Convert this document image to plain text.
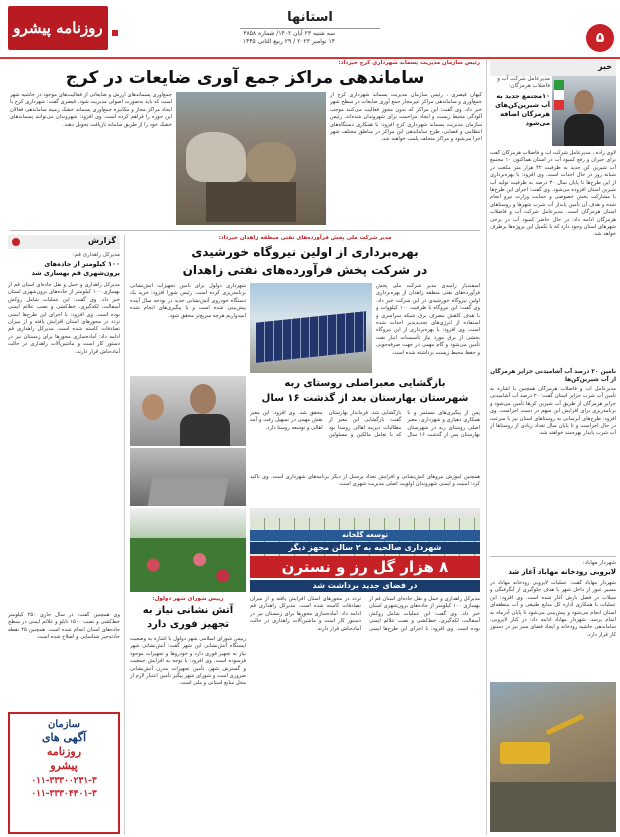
روزنامه پیشرو	سه شنبه ۲۳ آبان ۱۴۰۲/ شماره ۳۸۵۸
۱۴ نوامبر ۲۰۲۳ / ۲۹ ربیع الثانی ۱۴۴۵
استانها
۵
خبر
مدیرعامل شرکت آب و فاضلاب هرمزگان:
۱۰مجتمع جدید به آب شیرین‌کن‌های هرمزگان اضافه می‌شود
لاوی زاده ، مدیرعامل شرکت آب و فاضلاب هرمزگان گفت برای جبران و رفع کمبود آب در استان هماکنون ۱۰ مجتمع آب شیرین کن جدید به ظرفیت ۴۲ هزار متر مکعب در شبانه روز در حال احداث است. وی افزود: با بهره‌برداری از این طرح‌ها تا پایان سال ۳۰ درصد به ظرفیت تولید آب شیرین استان افزوده می‌شود. وی گفت: اجرای این طرح‌ها با مشارکت بخش خصوصی و حمایت وزارت نیرو انجام شده و هدف آن تأمین پایدار آب شرب شهرها و روستاهای استان هرمزگان است. مدیرعامل شرکت آب و فاضلاب هرمزگان ادامه داد: در حال حاضر کمبود آب در برخی شهرهای استان وجود دارد که با تکمیل این پروژه‌ها برطرف خواهد شد.
نامین ۲۰ درصد آب آشامیدنی جزایر هرمزگان از آب شیرین‌کن‌ها
مدیرعامل آب و فاضلاب هرمزگان همچنین با اشاره به تأمین آب شرب جزایر استان گفت: ۲۰ درصد آب آشامیدنی جزایر هرمزگان از طریق آب شیرین کن‌ها تأمین می‌شود و برنامه‌ریزی برای افزایش این سهم در دست اجراست. وی افزود: طرح‌های آبرسانی به روستاهای استان نیز با سرعت در حال اجراست و تا پایان سال تعداد زیادی از روستاها از آب شرب پایدار بهره‌مند خواهند شد.
شهردار مهاباد:
لایروبی رودخانه مهاباد آغاز شد
شهردار مهاباد گفت: عملیات لایروبی رودخانه مهاباد در مسیر عبور از داخل شهر با هدف جلوگیری از آبگرفتگی و سیلاب در فصل بارش آغاز شده است. وی افزود: این عملیات با همکاری اداره کل منابع طبیعی و آب منطقه‌ای استان انجام می‌شود و پیش‌بینی می‌شود تا پایان آذرماه به اتمام برسد. شهردار مهاباد ادامه داد: در کنار لایروبی، ساماندهی حاشیه رودخانه و ایجاد فضای سبز نیز در دستور کار قرار دارد.
رئیس سازمان مدیریت پسماند شهرداری کرج خبرداد:
ساماندهی مراکز جمع آوری ضایعات در کرج
کیهان قیصری ، رئیس سازمان مدیریت پسماند شهرداری کرج از جمع‌آوری و ساماندهی مراکز غیرمجاز جمع آوری ضایعات در سطح شهر خبر داد. وی گفت: این مراکز که بدون مجوز فعالیت می‌کنند موجب آلودگی محیط زیست و ایجاد مزاحمت برای شهروندان شده‌اند. رئیس سازمان مدیریت پسماند شهرداری کرج افزود: با همکاری دستگاه‌های انتظامی و قضایی، طرح ساماندهی این مراکز در مناطق مختلف شهر اجرا می‌شود و مراکز متخلف پلمب خواهند شد.
جمع‌آوری پسماندهای ارزش و ضایعاتی از فعالیت‌های موجود در حاشیه شهر است که باید به‌صورت اصولی مدیریت شود. قیصری گفت: شهرداری کرج با ایجاد مراکز مجاز و مکانیزه جمع‌آوری پسماند خشک زمینه ساماندهی فعالان این حوزه را فراهم کرده است. وی افزود: شهروندان می‌توانند پسماندهای خشک خود را از طریق سامانه بازیافت تحویل دهند.
گزارش
مدیرکل راهداری قم:
۱۰۰ کیلومتر از جاده‌های برون‌شهری قم بهسازی شد
مدیرکل راهداری و حمل و نقل جاده‌ای استان قم از بهسازی ۱۰۰ کیلومتر از جاده‌های برون‌شهری استان خبر داد. وی گفت: این عملیات شامل روکش آسفالت، لکه‌گیری، خط‌کشی و نصب علائم ایمنی بوده است. وی افزود: با اجرای این طرح‌ها ایمنی تردد در محورهای استان افزایش یافته و از میزان تصادفات کاسته شده است. مدیرکل راهداری قم ادامه داد: آماده‌سازی محورها برای زمستان نیز در دستور کار است و ماشین‌آلات راهداری در حالت آماده‌باش قرار دارند.
وی همچنین گفت: در سال جاری ۲۵۰ کیلومتر خط‌کشی و نصب ۱۵۰۰ تابلو و علائم ایمنی در سطح جاده‌های استان انجام شده است. همچنین ۴۵ نقطه حادثه‌خیز شناسایی و اصلاح شده است.
سازمان
آگهی های
روزنامه
پیشرو
۰۱۱-۳۳۳۰۰۲۳۱-۳
۰۱۱-۳۳۳۰۴۴۰۱-۳
مدیر شرکت ملی پخش فرآورده‌های نفتی منطقه زاهدان خبرداد:
بهره‌برداری از اولین نیروگاه خورشیدی
در شرکت پخش فرآورده‌های نفتی زاهدان
اسفندیار رامبدی مدیر شرکت ملی پخش فرآورده‌های نفتی منطقه زاهدان از بهره‌برداری اولین نیروگاه خورشیدی در این شرکت خبر داد. وی گفت: این نیروگاه با ظرفیت ۱۰۰ کیلووات و با هدف کاهش مصرف برق شبکه سراسری و استفاده از انرژی‌های تجدیدپذیر احداث شده است. وی افزود: با بهره‌برداری از این نیروگاه بخشی از برق مورد نیاز تأسیسات انبار نفت تأمین می‌شود و گام مهمی در جهت صرفه‌جویی و حفظ محیط زیست برداشته شده است.
شهرداری دولول برای تأمین تجهیزات آتش‌نشانی برنامه‌ریزی کرده است. رئیس شورا افزود: خرید یک دستگاه خودروی آتش‌نشانی جدید در بودجه سال آینده پیش‌بینی شده است و با پیگیری‌های انجام شده امیدواریم هرچه سریع‌تر محقق شود.
بازگشایی معبراصلی روستای ربه
شهرستان بهارستان بعد از گذشت ۱۶ سال
پس از پیگیری‌های مستمر و با همکاری دهیاری و شهرداری، معبر اصلی روستای ربه در شهرستان بهارستان پس از گذشت ۱۶ سال بازگشایی شد. فرماندار بهارستان گفت: بازگشایی این معبر از مطالبات دیرینه اهالی روستا بود که با تعامل مالکین و مسئولین محقق شد. وی افزود: این معبر نقش مهمی در تسهیل رفت و آمد اهالی و توسعه روستا دارد.
همچنین آموزش نیروهای آتش‌نشانی و افزایش تعداد پرسنل از دیگر برنامه‌های شهرداری است. وی تأکید کرد: امنیت و ایمنی شهروندان اولویت اصلی مدیریت شهری است.
توسعه گلخانه
شهرداری صالحیه به ۲ سالن مجهز دیگر
۸ هزار گل رز و نسترن
در فضای جدید برداشت شد
رییس شورای شهر دولول:
آتش نشانی نیاز به تجهیز فوری دارد
رییس شورای اسلامی شهر دولول با اشاره به وضعیت ایستگاه آتش‌نشانی این شهر گفت: آتش‌نشانی شهر نیاز به تجهیز فوری دارد و خودروها و تجهیزات موجود فرسوده است. وی افزود: با توجه به افزایش جمعیت و گسترش شهر، تأمین تجهیزات مدرن آتش‌نشانی ضروری است و شورای شهر پیگیر تأمین اعتبار لازم از محل منابع استانی و ملی است.
مدیرکل راهداری و حمل و نقل جاده‌ای استان قم از بهسازی ۱۰۰ کیلومتر از جاده‌های برون‌شهری استان خبر داد. وی گفت: این عملیات شامل روکش آسفالت، لکه‌گیری، خط‌کشی و نصب علائم ایمنی بوده است. وی افزود: با اجرای این طرح‌ها ایمنی تردد در محورهای استان افزایش یافته و از میزان تصادفات کاسته شده است. مدیرکل راهداری قم ادامه داد: آماده‌سازی محورها برای زمستان نیز در دستور کار است و ماشین‌آلات راهداری در حالت آماده‌باش قرار دارند.
